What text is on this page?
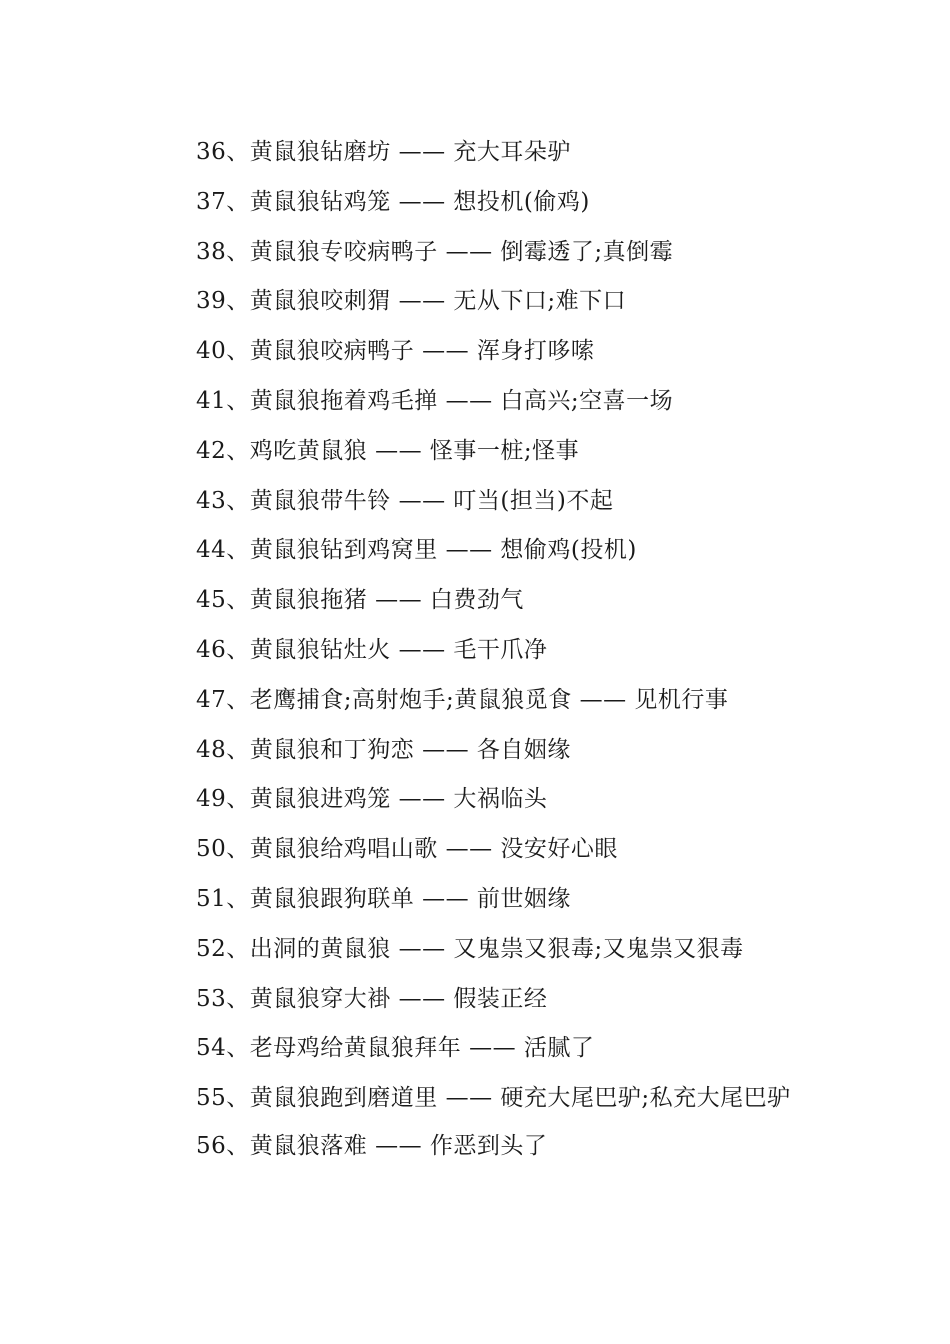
36、黄鼠狼钻磨坊 —— 充大耳朵驴

37、黄鼠狼钻鸡笼 —— 想投机(偷鸡)

38、黄鼠狼专咬病鸭子 —— 倒霉透了;真倒霉

39、黄鼠狼咬刺猬 —— 无从下口;难下口

40、黄鼠狼咬病鸭子 —— 浑身打哆嗦

41、黄鼠狼拖着鸡毛掸 —— 白高兴;空喜一场

42、鸡吃黄鼠狼 —— 怪事一桩;怪事

43、黄鼠狼带牛铃 —— 叮当(担当)不起

44、黄鼠狼钻到鸡窝里 —— 想偷鸡(投机)

45、黄鼠狼拖猪 —— 白费劲气

46、黄鼠狼钻灶火 —— 毛干爪净

47、老鹰捕食;高射炮手;黄鼠狼觅食 —— 见机行事

48、黄鼠狼和丁狗恋 —— 各自姻缘

49、黄鼠狼进鸡笼 —— 大祸临头

50、黄鼠狼给鸡唱山歌 —— 没安好心眼

51、黄鼠狼跟狗联单 —— 前世姻缘

52、出洞的黄鼠狼 —— 又鬼祟又狠毒;又鬼祟又狠毒

53、黄鼠狼穿大褂 —— 假装正经

54、老母鸡给黄鼠狼拜年 —— 活腻了

55、黄鼠狼跑到磨道里 —— 硬充大尾巴驴;私充大尾巴驴

56、黄鼠狼落难 —— 作恶到头了
